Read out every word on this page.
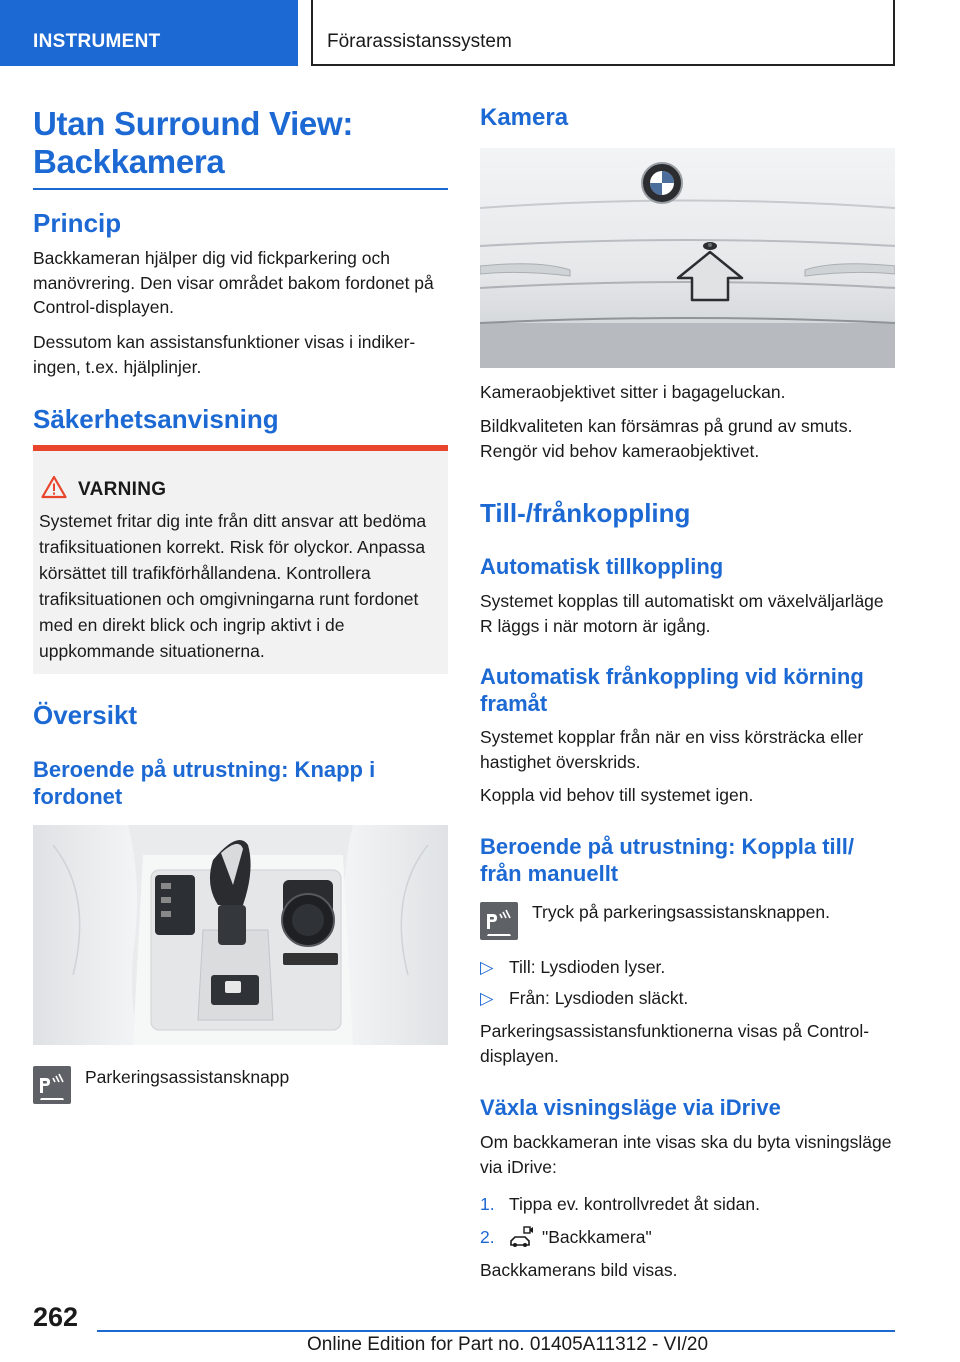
INSTRUMENT	Förarassistanssystem
Utan Surround View: Backkamera
Princip
Backkameran hjälper dig vid fickparkering och manövrering. Den visar området bakom fordonet på Control-displayen.
Dessutom kan assistansfunktioner visas i indikeringen, t.ex. hjälplinjer.
Säkerhetsanvisning
VARNING
Systemet fritar dig inte från ditt ansvar att bedöma trafiksituationen korrekt. Risk för olyckor. Anpassa körsättet till trafikförhållandena. Kontrollera trafiksituationen och omgivningarna runt fordonet med en direkt blick och ingrip aktivt i de uppkommande situationerna.
Översikt
Beroende på utrustning: Knapp i fordonet
Parkeringsassistansknapp
Kamera
Kameraobjektivet sitter i bagageluckan.
Bildkvaliteten kan försämras på grund av smuts. Rengör vid behov kameraobjektivet.
Till-/frånkoppling
Automatisk tillkoppling
Systemet kopplas till automatiskt om växelväljarläge R läggs i när motorn är igång.
Automatisk frånkoppling vid körning framåt
Systemet kopplar från när en viss körsträcka eller hastighet överskrids.
Koppla vid behov till systemet igen.
Beroende på utrustning: Koppla till/ från manuellt
Tryck på parkeringsassistansknappen.
▷ Till: Lysdioden lyser.
▷ Från: Lysdioden släckt.
Parkeringsassistansfunktionerna visas på Control-displayen.
Växla visningsläge via iDrive
Om backkameran inte visas ska du byta visningsläge via iDrive:
1. Tippa ev. kontrollvredet åt sidan.
2.	"Backkamera"
Backkamerans bild visas.
262
Online Edition for Part no. 01405A11312 - VI/20
